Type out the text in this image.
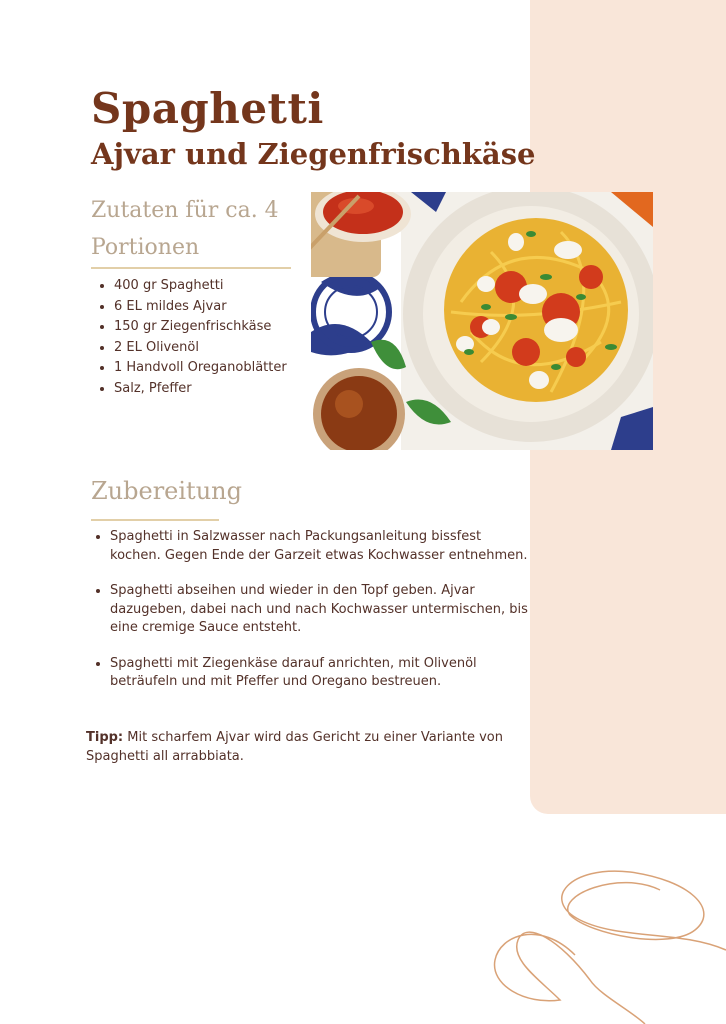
Spaghetti
Ajvar und Ziegenfrischkäse
Zutaten für ca. 4 Portionen
• 400 gr Spaghetti
• 6 EL mildes Ajvar
• 150 gr Ziegenfrischkäse
• 2 EL Olivenöl
• 1 Handvoll Oreganoblätter
• Salz, Pfeffer
Zubereitung
• Spaghetti in Salzwasser nach Packungsanleitung bissfest kochen. Gegen Ende der Garzeit etwas Kochwasser entnehmen.
• Spaghetti abseihen und wieder in den Topf geben. Ajvar dazugeben, dabei nach und nach Kochwasser untermischen, bis eine cremige Sauce entsteht.
• Spaghetti mit Ziegenkäse darauf anrichten, mit Olivenöl beträufeln und mit Pfeffer und Oregano bestreuen.

Tipp: Mit scharfem Ajvar wird das Gericht zu einer Variante von Spaghetti all arrabbiata.
